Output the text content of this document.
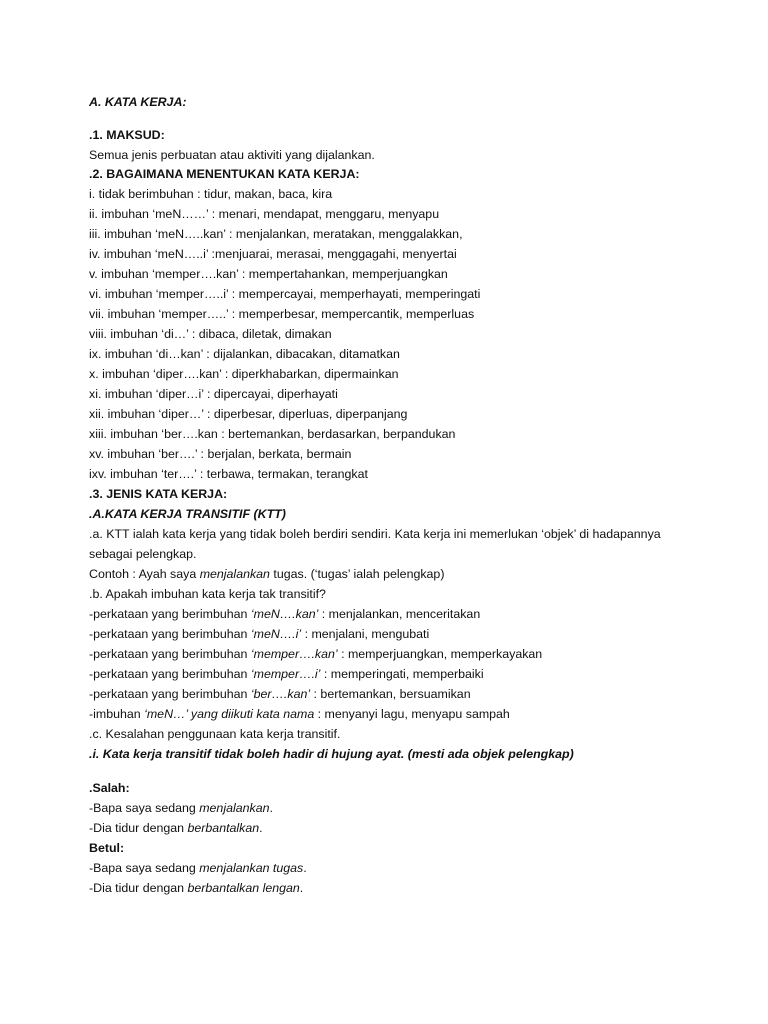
A. KATA KERJA:
.1. MAKSUD:
Semua jenis perbuatan atau aktiviti yang dijalankan.
.2. BAGAIMANA MENENTUKAN KATA KERJA:
i. tidak berimbuhan : tidur, makan, baca, kira
ii. imbuhan ‘meN……’ : menari, mendapat, menggaru, menyapu
iii. imbuhan ‘meN…..kan’ : menjalankan, meratakan, menggalakkan,
iv. imbuhan ‘meN…..i’ :menjuarai, merasai, menggagahi, menyertai
v. imbuhan ‘memper….kan’ : mempertahankan, memperjuangkan
vi. imbuhan ‘memper…..i’ : mempercayai, memperhayati, memperingati
vii. imbuhan ‘memper…..’ : memperbesar, mempercantik, memperluas
viii. imbuhan ‘di…’ : dibaca, diletak, dimakan
ix. imbuhan ‘di…kan’ : dijalankan, dibacakan, ditamatkan
x. imbuhan ‘diper….kan’ : diperkhabarkan, dipermainkan
xi. imbuhan ‘diper…i’ : dipercayai, diperhayati
xii. imbuhan ‘diper…’ : diperbesar, diperluas, diperpanjang
xiii. imbuhan ‘ber….kan : bertemankan, berdasarkan, berpandukan
xv. imbuhan ‘ber….’ : berjalan, berkata, bermain
ixv. imbuhan ‘ter….’ : terbawa, termakan, terangkat
.3. JENIS KATA KERJA:
.A.KATA KERJA TRANSITIF (KTT)
.a. KTT ialah kata kerja yang tidak boleh berdiri sendiri. Kata kerja ini memerlukan ‘objek’ di hadapannya
sebagai pelengkap.
Contoh : Ayah saya menjalankan tugas. (‘tugas’ ialah pelengkap)
.b. Apakah imbuhan kata kerja tak transitif?
-perkataan yang berimbuhan ‘meN….kan’ : menjalankan, menceritakan
-perkataan yang berimbuhan ‘meN….i’ : menjalani, mengubati
-perkataan yang berimbuhan ‘memper….kan’ : memperjuangkan, memperkayakan
-perkataan yang berimbuhan ‘memper….i’ : memperingati, memperbaiki
-perkataan yang berimbuhan ‘ber….kan’ : bertemankan, bersuamikan
-imbuhan ‘meN…’ yang diikuti kata nama : menyanyi lagu, menyapu sampah
.c. Kesalahan penggunaan kata kerja transitif.
.i. Kata kerja transitif tidak boleh hadir di hujung ayat. (mesti ada objek pelengkap)
.Salah:
-Bapa saya sedang menjalankan.
-Dia tidur dengan berbantalkan.
Betul:
-Bapa saya sedang menjalankan tugas.
-Dia tidur dengan berbantalkan lengan.
